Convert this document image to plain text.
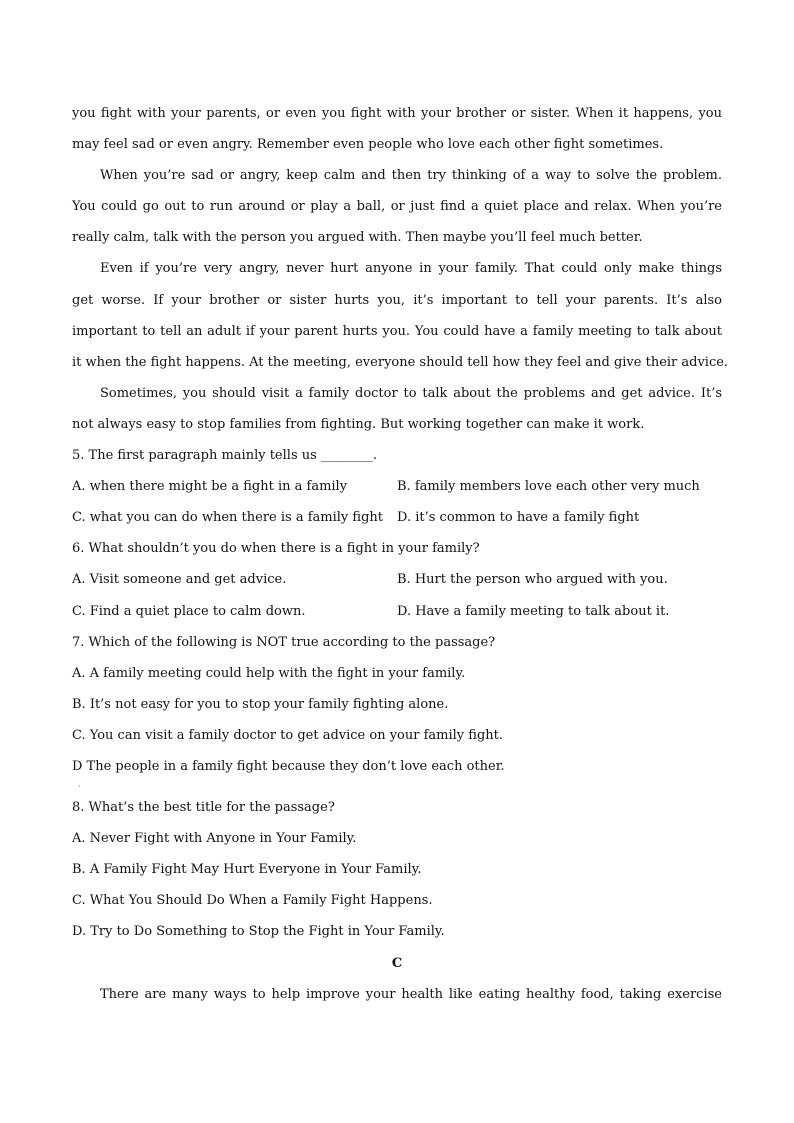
you fight with your parents, or even you fight with your brother or sister. When it happens, you
may feel sad or even angry. Remember even people who love each other fight sometimes.
When you’re sad or angry, keep calm and then try thinking of a way to solve the problem.
You could go out to run around or play a ball, or just find a quiet place and relax. When you’re
really calm, talk with the person you argued with. Then maybe you’ll feel much better.
Even if you’re very angry, never hurt anyone in your family. That could only make things
get worse. If your brother or sister hurts you, it’s important to tell your parents. It’s also
important to tell an adult if your parent hurts you. You could have a family meeting to talk about
it when the fight happens. At the meeting, everyone should tell how they feel and give their advice.
Sometimes, you should visit a family doctor to talk about the problems and get advice. It’s
not always easy to stop families from fighting. But working together can make it work.
5. The first paragraph mainly tells us ________.
A. when there might be a fight in a family	B. family members love each other very much
C. what you can do when there is a family fight	D. it’s common to have a family fight
6. What shouldn’t you do when there is a fight in your family?
A. Visit someone and get advice.	B. Hurt the person who argued with you.
C. Find a quiet place to calm down.	D. Have a family meeting to talk about it.
7. Which of the following is NOT true according to the passage?
A. A family meeting could help with the fight in your family.
B. It’s not easy for you to stop your family fighting alone.
C. You can visit a family doctor to get advice on your family fight.
D The people in a family fight because they don’t love each other.
·
8. What’s the best title for the passage?
A. Never Fight with Anyone in Your Family.
B. A Family Fight May Hurt Everyone in Your Family.
C. What You Should Do When a Family Fight Happens.
D. Try to Do Something to Stop the Fight in Your Family.
C
There are many ways to help improve your health like eating healthy food, taking exercise
